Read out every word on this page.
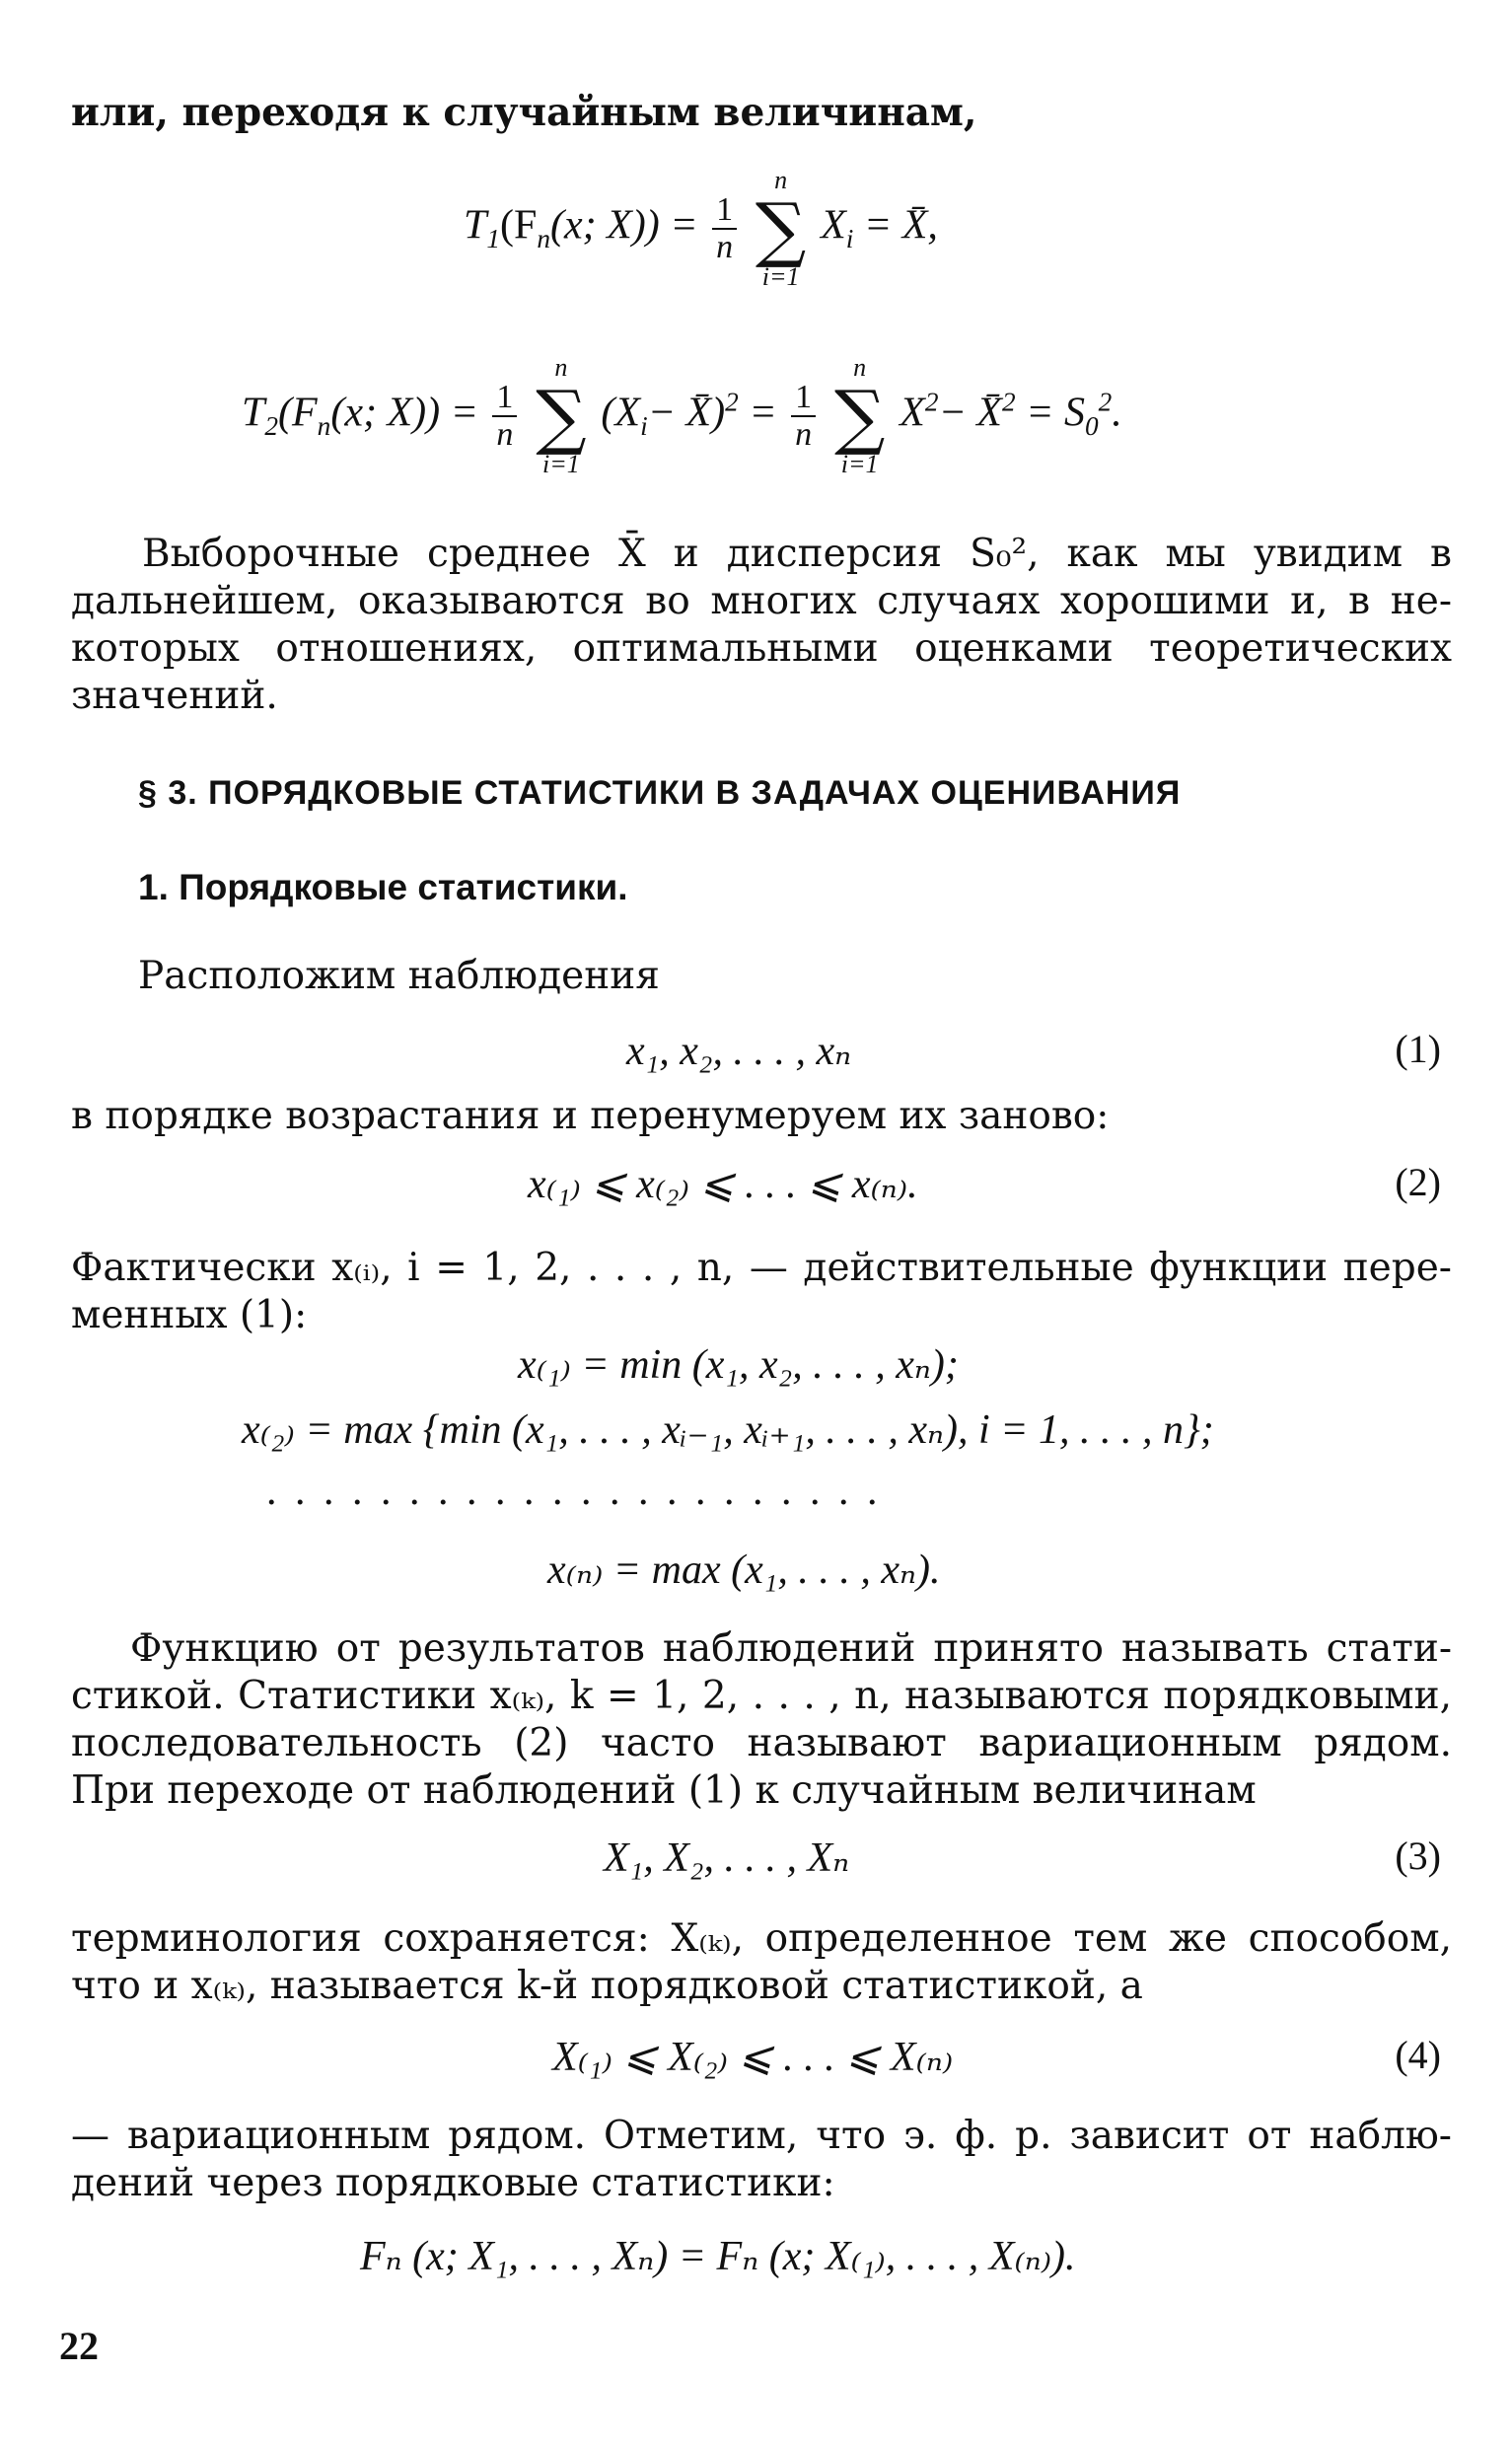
или, переходя к случайным величинам,
$T_1(F_n(x$; $X)) = \frac{1}{n}$

n
∑
i=1
$X_i$ = X̄,
$T_2(F_n(x$; $X)) = \frac{1}{n}$

n
∑
i=1
($X_i-$ X̄)$^2$ = $\frac{1}{n}$

n
∑
i=1
$X^2-$ X̄$^2$ = $S_0^2$.
Выборочные среднее X̄ и дисперсия S₀², как мы увидим в
дальнейшем, оказываются во многих случаях хорошими и, в не-
которых отношениях, оптимальными оценками теоретических
значений.
§ 3. ПОРЯДКОВЫЕ СТАТИСТИКИ В ЗАДАЧАХ ОЦЕНИВАНИЯ
1. Порядковые статистики.
Расположим наблюдения
x₁, x₂, . . . , xₙ	(1)
в порядке возрастания и перенумеруем их заново:
x₍₁₎ ⩽ x₍₂₎ ⩽ . . . ⩽ x₍ₙ₎.	(2)
Фактически x₍ᵢ₎, i = 1, 2, . . . , n, — действительные функции пере-
менных (1):
x₍₁₎ = min (x₁, x₂, . . . , xₙ);
x₍₂₎ = max {min (x₁, . . . , xᵢ₋₁, xᵢ₊₁, . . . , xₙ), i = 1, . . . , n};
. . . . . . . . . . . . . . . . . . . . . .
x₍ₙ₎ = max (x₁, . . . , xₙ).
Функцию от результатов наблюдений принято называть стати-
стикой. Статистики x₍ₖ₎, k = 1, 2, . . . , n, называются порядковыми,
последовательность (2) часто называют вариационным рядом.
При переходе от наблюдений (1) к случайным величинам
X₁, X₂, . . . , Xₙ	(3)
терминология сохраняется: X₍ₖ₎, определенное тем же способом,
что и x₍ₖ₎, называется k-й порядковой статистикой, а
X₍₁₎ ⩽ X₍₂₎ ⩽ . . . ⩽ X₍ₙ₎	(4)
— вариационным рядом. Отметим, что э. ф. р. зависит от наблю-
дений через порядковые статистики:
Fₙ (x; X₁, . . . , Xₙ) = Fₙ (x; X₍₁₎, . . . , X₍ₙ₎).
22
